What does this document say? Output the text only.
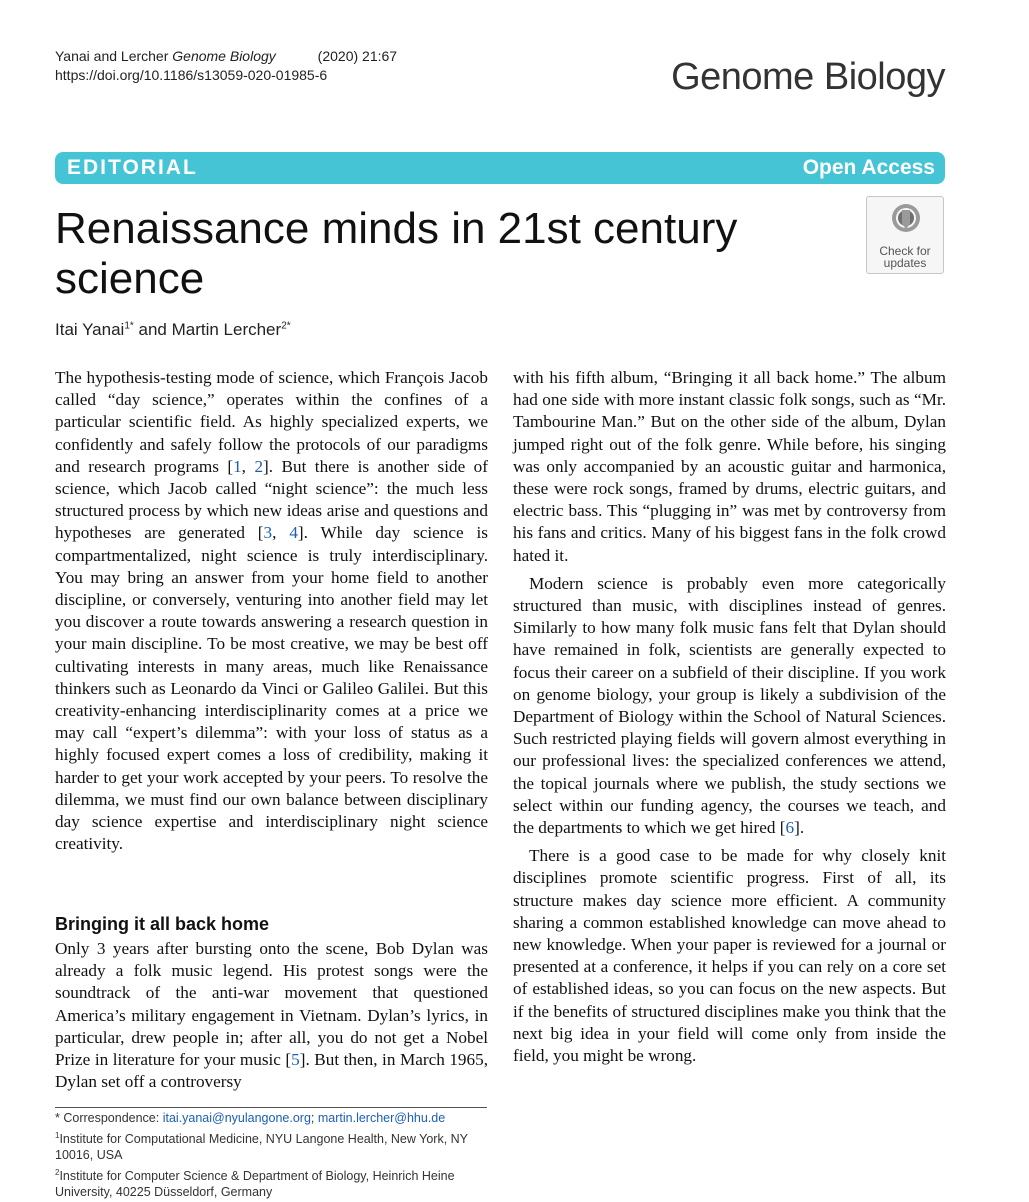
Yanai and Lercher Genome Biology	(2020) 21:67
https://doi.org/10.1186/s13059-020-01985-6	Genome Biology
EDITORIAL	Open Access
Renaissance minds in 21st century science
Check for
updates
Itai Yanai$^{1*}$ and Martin Lercher$^{2*}$

The hypothesis-testing mode of science, which François Jacob called “day science,” operates within the confines of a particular scientific field. As highly specialized experts, we confidently and safely follow the protocols of our paradigms and research programs [1, 2]. But there is another side of science, which Jacob called “night science”: the much less structured process by which new ideas arise and questions and hypotheses are generated [3, 4]. While day science is compartmentalized, night science is truly interdisciplinary. You may bring an answer from your home field to another discipline, or conversely, venturing into another field may let you discover a route towards answering a research question in your main discipline. To be most creative, we may be best off cultivating interests in many areas, much like Renaissance thinkers such as Leonardo da Vinci or Galileo Galilei. But this creativity-enhancing interdisciplinarity comes at a price we may call “expert’s dilemma”: with your loss of status as a highly focused expert comes a loss of credibility, making it harder to get your work accepted by your peers. To resolve the dilemma, we must find our own balance between disciplinary day science expertise and interdisciplinary night science creativity.

Bringing it all back home

Only 3 years after bursting onto the scene, Bob Dylan was already a folk music legend. His protest songs were the soundtrack of the anti-war movement that questioned America’s military engagement in Vietnam. Dylan’s lyrics, in particular, drew people in; after all, you do not get a Nobel Prize in literature for your music [5]. But then, in March 1965, Dylan set off a controversy

with his fifth album, “Bringing it all back home.” The album had one side with more instant classic folk songs, such as “Mr. Tambourine Man.” But on the other side of the album, Dylan jumped right out of the folk genre. While before, his singing was only accompanied by an acoustic guitar and harmonica, these were rock songs, framed by drums, electric guitars, and electric bass. This “plugging in” was met by controversy from his fans and critics. Many of his biggest fans in the folk crowd hated it.

Modern science is probably even more categorically structured than music, with disciplines instead of genres. Similarly to how many folk music fans felt that Dylan should have remained in folk, scientists are generally expected to focus their career on a subfield of their discipline. If you work on genome biology, your group is likely a subdivision of the Department of Biology within the School of Natural Sciences. Such restricted playing fields will govern almost everything in our professional lives: the specialized conferences we attend, the topical journals where we publish, the study sections we select within our funding agency, the courses we teach, and the departments to which we get hired [6].

There is a good case to be made for why closely knit disciplines promote scientific progress. First of all, its structure makes day science more efficient. A community sharing a common established knowledge can move ahead to new knowledge. When your paper is reviewed for a journal or presented at a conference, it helps if you can rely on a core set of established ideas, so you can focus on the new aspects. But if the benefits of structured disciplines make you think that the next big idea in your field will come only from inside the field, you might be wrong.

* Correspondence: itai.yanai@nyulangone.org; martin.lercher@hhu.de

$^1$Institute for Computational Medicine, NYU Langone Health, New York, NY 10016, USA

$^2$Institute for Computer Science & Department of Biology, Heinrich Heine University, 40225 Düsseldorf, Germany
